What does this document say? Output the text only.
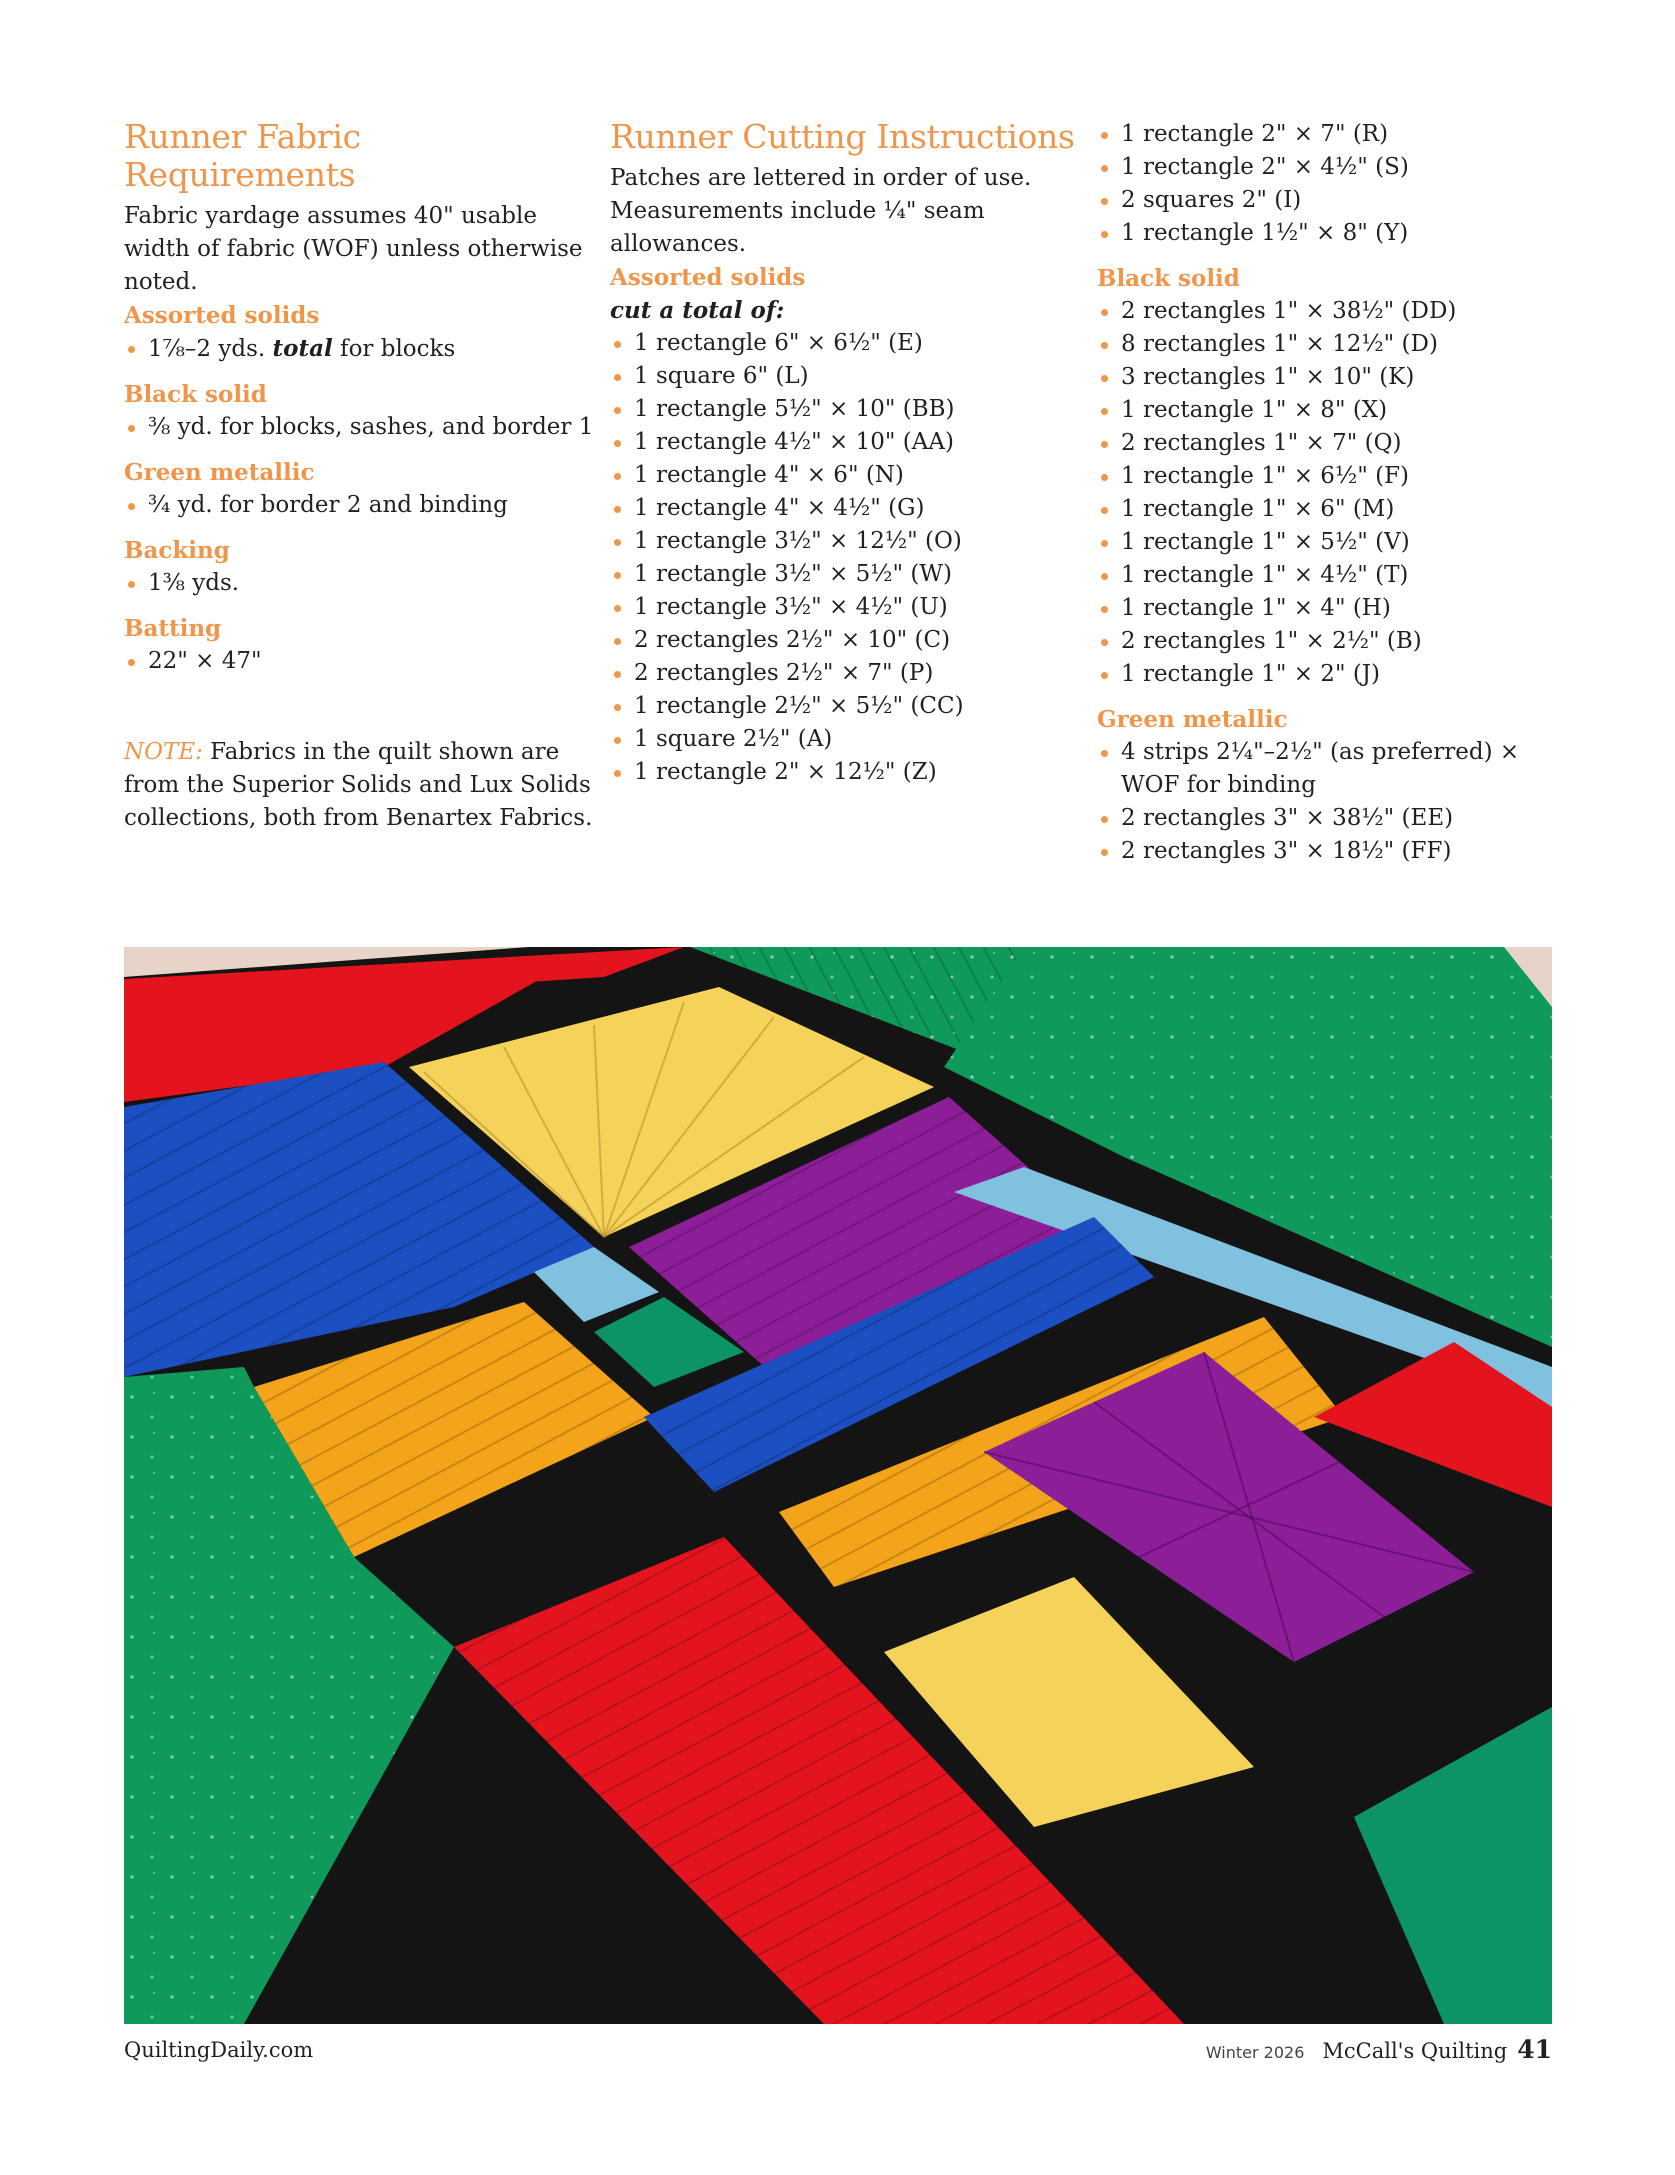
Runner Fabric Requirements

Fabric yardage assumes 40" usable width of fabric (WOF) unless otherwise noted.

Assorted solids
1⅞–2 yds. total for blocks
Black solid
⅜ yd. for blocks, sashes, and border 1
Green metallic
¾ yd. for border 2 and binding
Backing
1⅜ yds.
Batting
22" × 47"
NOTE: Fabrics in the quilt shown are from the Superior Solids and Lux Solids collections, both from Benartex Fabrics.
Runner Cutting Instructions

Patches are lettered in order of use. Measurements include ¼" seam allowances.

Assorted solids

cut a total of:

1 rectangle 6" × 6½" (E)
1 square 6" (L)
1 rectangle 5½" × 10" (BB)
1 rectangle 4½" × 10" (AA)
1 rectangle 4" × 6" (N)
1 rectangle 4" × 4½" (G)
1 rectangle 3½" × 12½" (O)
1 rectangle 3½" × 5½" (W)
1 rectangle 3½" × 4½" (U)
2 rectangles 2½" × 10" (C)
2 rectangles 2½" × 7" (P)
1 rectangle 2½" × 5½" (CC)
1 square 2½" (A)
1 rectangle 2" × 12½" (Z)
1 rectangle 2" × 7" (R)
1 rectangle 2" × 4½" (S)
2 squares 2" (I)
1 rectangle 1½" × 8" (Y)
Black solid
2 rectangles 1" × 38½" (DD)
8 rectangles 1" × 12½" (D)
3 rectangles 1" × 10" (K)
1 rectangle 1" × 8" (X)
2 rectangles 1" × 7" (Q)
1 rectangle 1" × 6½" (F)
1 rectangle 1" × 6" (M)
1 rectangle 1" × 5½" (V)
1 rectangle 1" × 4½" (T)
1 rectangle 1" × 4" (H)
2 rectangles 1" × 2½" (B)
1 rectangle 1" × 2" (J)
Green metallic
4 strips 2¼"–2½" (as preferred) × WOF for binding
2 rectangles 3" × 38½" (EE)
2 rectangles 3" × 18½" (FF)
QuiltingDaily.com	Winter 2026 McCall's Quilting 41
